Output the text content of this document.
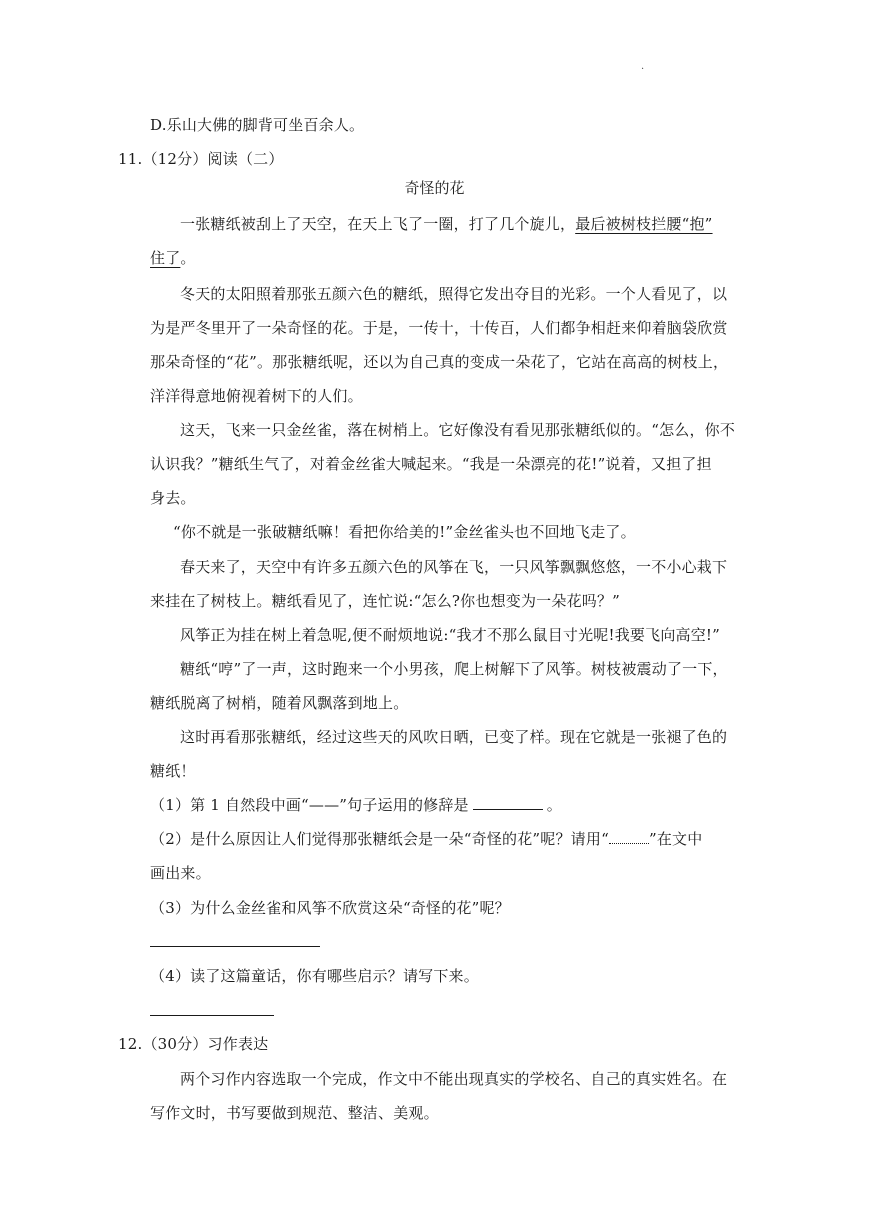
·
D.乐山大佛的脚背可坐百余人。
11.（12分）阅读（二）
奇怪的花
一张糖纸被刮上了天空，在天上飞了一圈，打了几个旋儿，最后被树枝拦腰“抱”
住了。
冬天的太阳照着那张五颜六色的糖纸，照得它发出夺目的光彩。一个人看见了，以
为是严冬里开了一朵奇怪的花。于是，一传十，十传百，人们都争相赶来仰着脑袋欣赏
那朵奇怪的“花”。那张糖纸呢，还以为自己真的变成一朵花了，它站在高高的树枝上，
洋洋得意地俯视着树下的人们。
这天，飞来一只金丝雀，落在树梢上。它好像没有看见那张糖纸似的。“怎么，你不
认识我？”糖纸生气了，对着金丝雀大喊起来。“我是一朵漂亮的花!”说着，又担了担
身去。
“你不就是一张破糖纸嘛！看把你给美的!”金丝雀头也不回地飞走了。
春天来了，天空中有许多五颜六色的风筝在飞，一只风筝飘飘悠悠，一不小心栽下
来挂在了树枝上。糖纸看见了，连忙说:“怎么?你也想变为一朵花吗？”
风筝正为挂在树上着急呢,便不耐烦地说:“我才不那么鼠目寸光呢!我要飞向高空!”
糖纸“哼”了一声，这时跑来一个小男孩，爬上树解下了风筝。树枝被震动了一下，
糖纸脱离了树梢，随着风飘落到地上。
这时再看那张糖纸，经过这些天的风吹日晒，已变了样。现在它就是一张褪了色的
糖纸！
（1）第 1 自然段中画“——”句子运用的修辞是	。
（2）是什么原因让人们觉得那张糖纸会是一朵“奇怪的花”呢？请用“	”在文中
画出来。
（3）为什么金丝雀和风筝不欣赏这朵“奇怪的花”呢？
（4）读了这篇童话，你有哪些启示？请写下来。
12.（30分）习作表达
两个习作内容选取一个完成，作文中不能出现真实的学校名、自己的真实姓名。在
写作文时，书写要做到规范、整洁、美观。
